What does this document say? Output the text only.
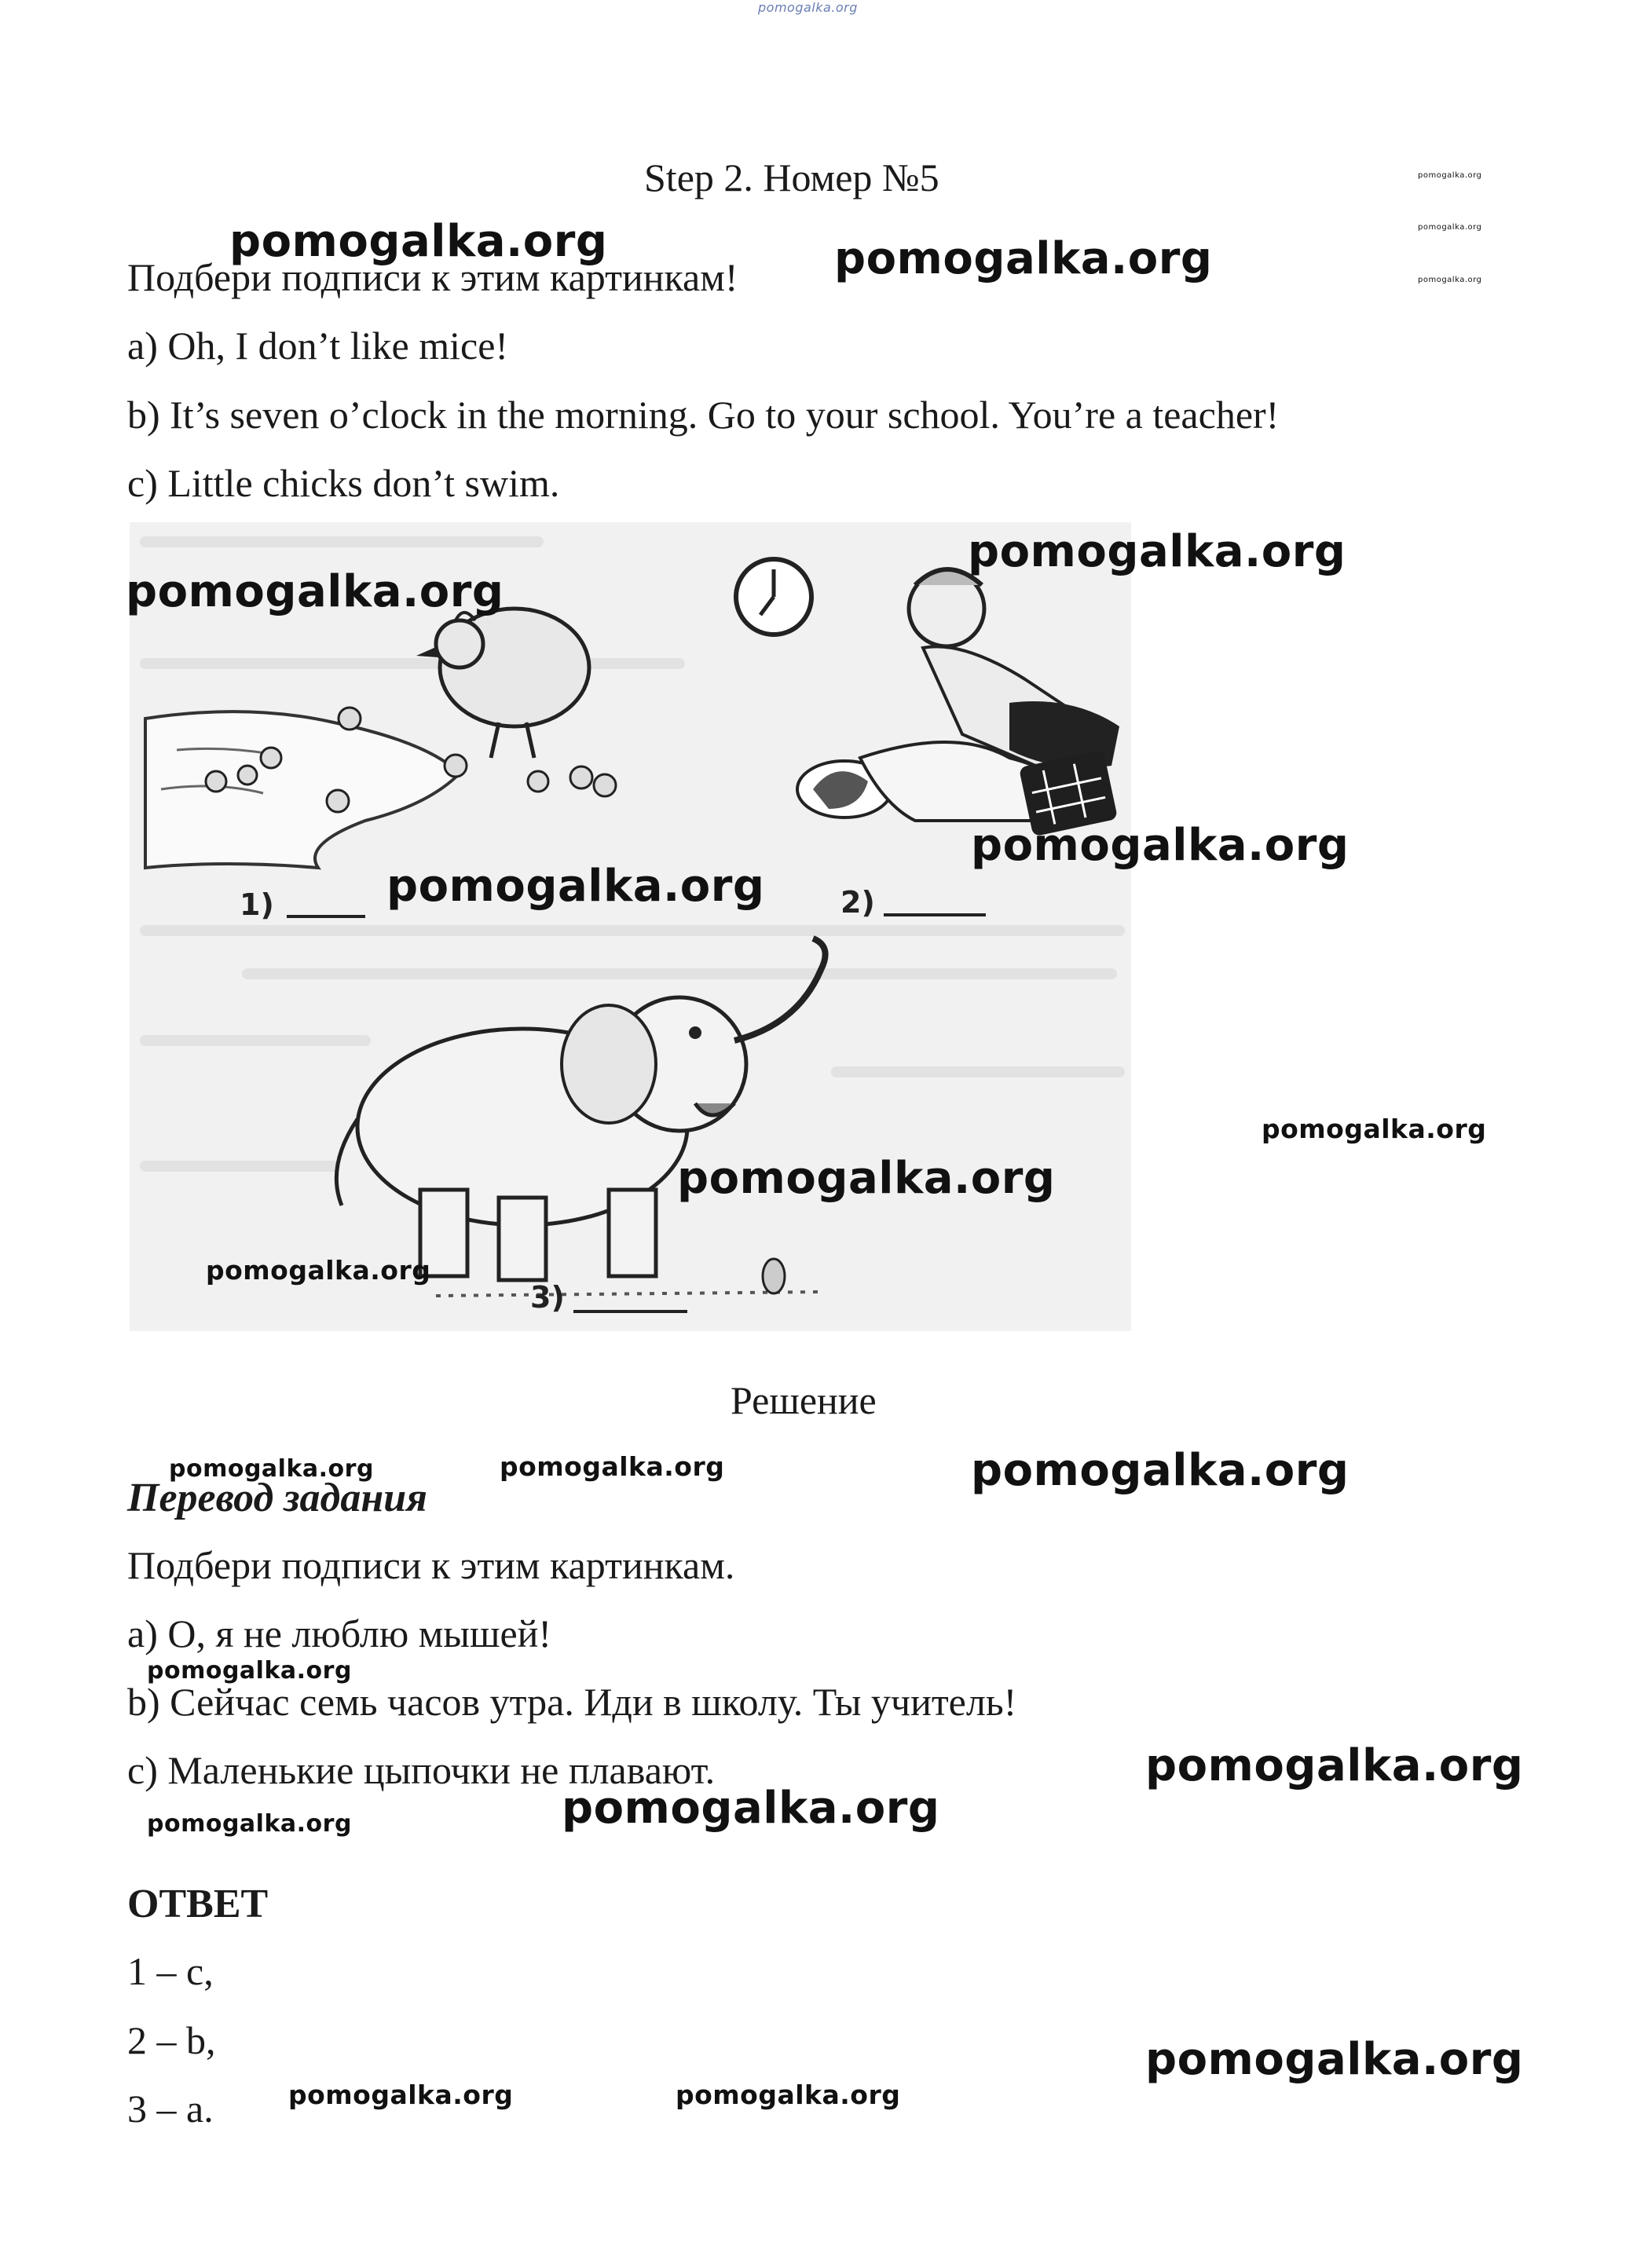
pomogalka.org
Step 2. Номер №5
Подбери подписи к этим картинкам!
a) Oh, I don’t like mice!
b) It’s seven o’clock in the morning. Go to your school. You’re a teacher!
c) Little chicks don’t swim.
1)	2)
3)
Решение
Перевод задания
Подбери подписи к этим картинкам.
a) О, я не люблю мышей!
b) Сейчас семь часов утра. Иди в школу. Ты учитель!
c) Маленькие цыпочки не плавают.
ОТВЕТ
1 – c,
2 – b,
3 – a.
pomogalka.org
pomogalka.org
pomogalka.org
pomogalka.org	pomogalka.org
pomogalka.org
pomogalka.org
pomogalka.org
pomogalka.org
pomogalka.org
pomogalka.org
pomogalka.org
pomogalka.org	pomogalka.org	pomogalka.org
pomogalka.org
pomogalka.org
pomogalka.org
pomogalka.org
pomogalka.org
pomogalka.org	pomogalka.org
